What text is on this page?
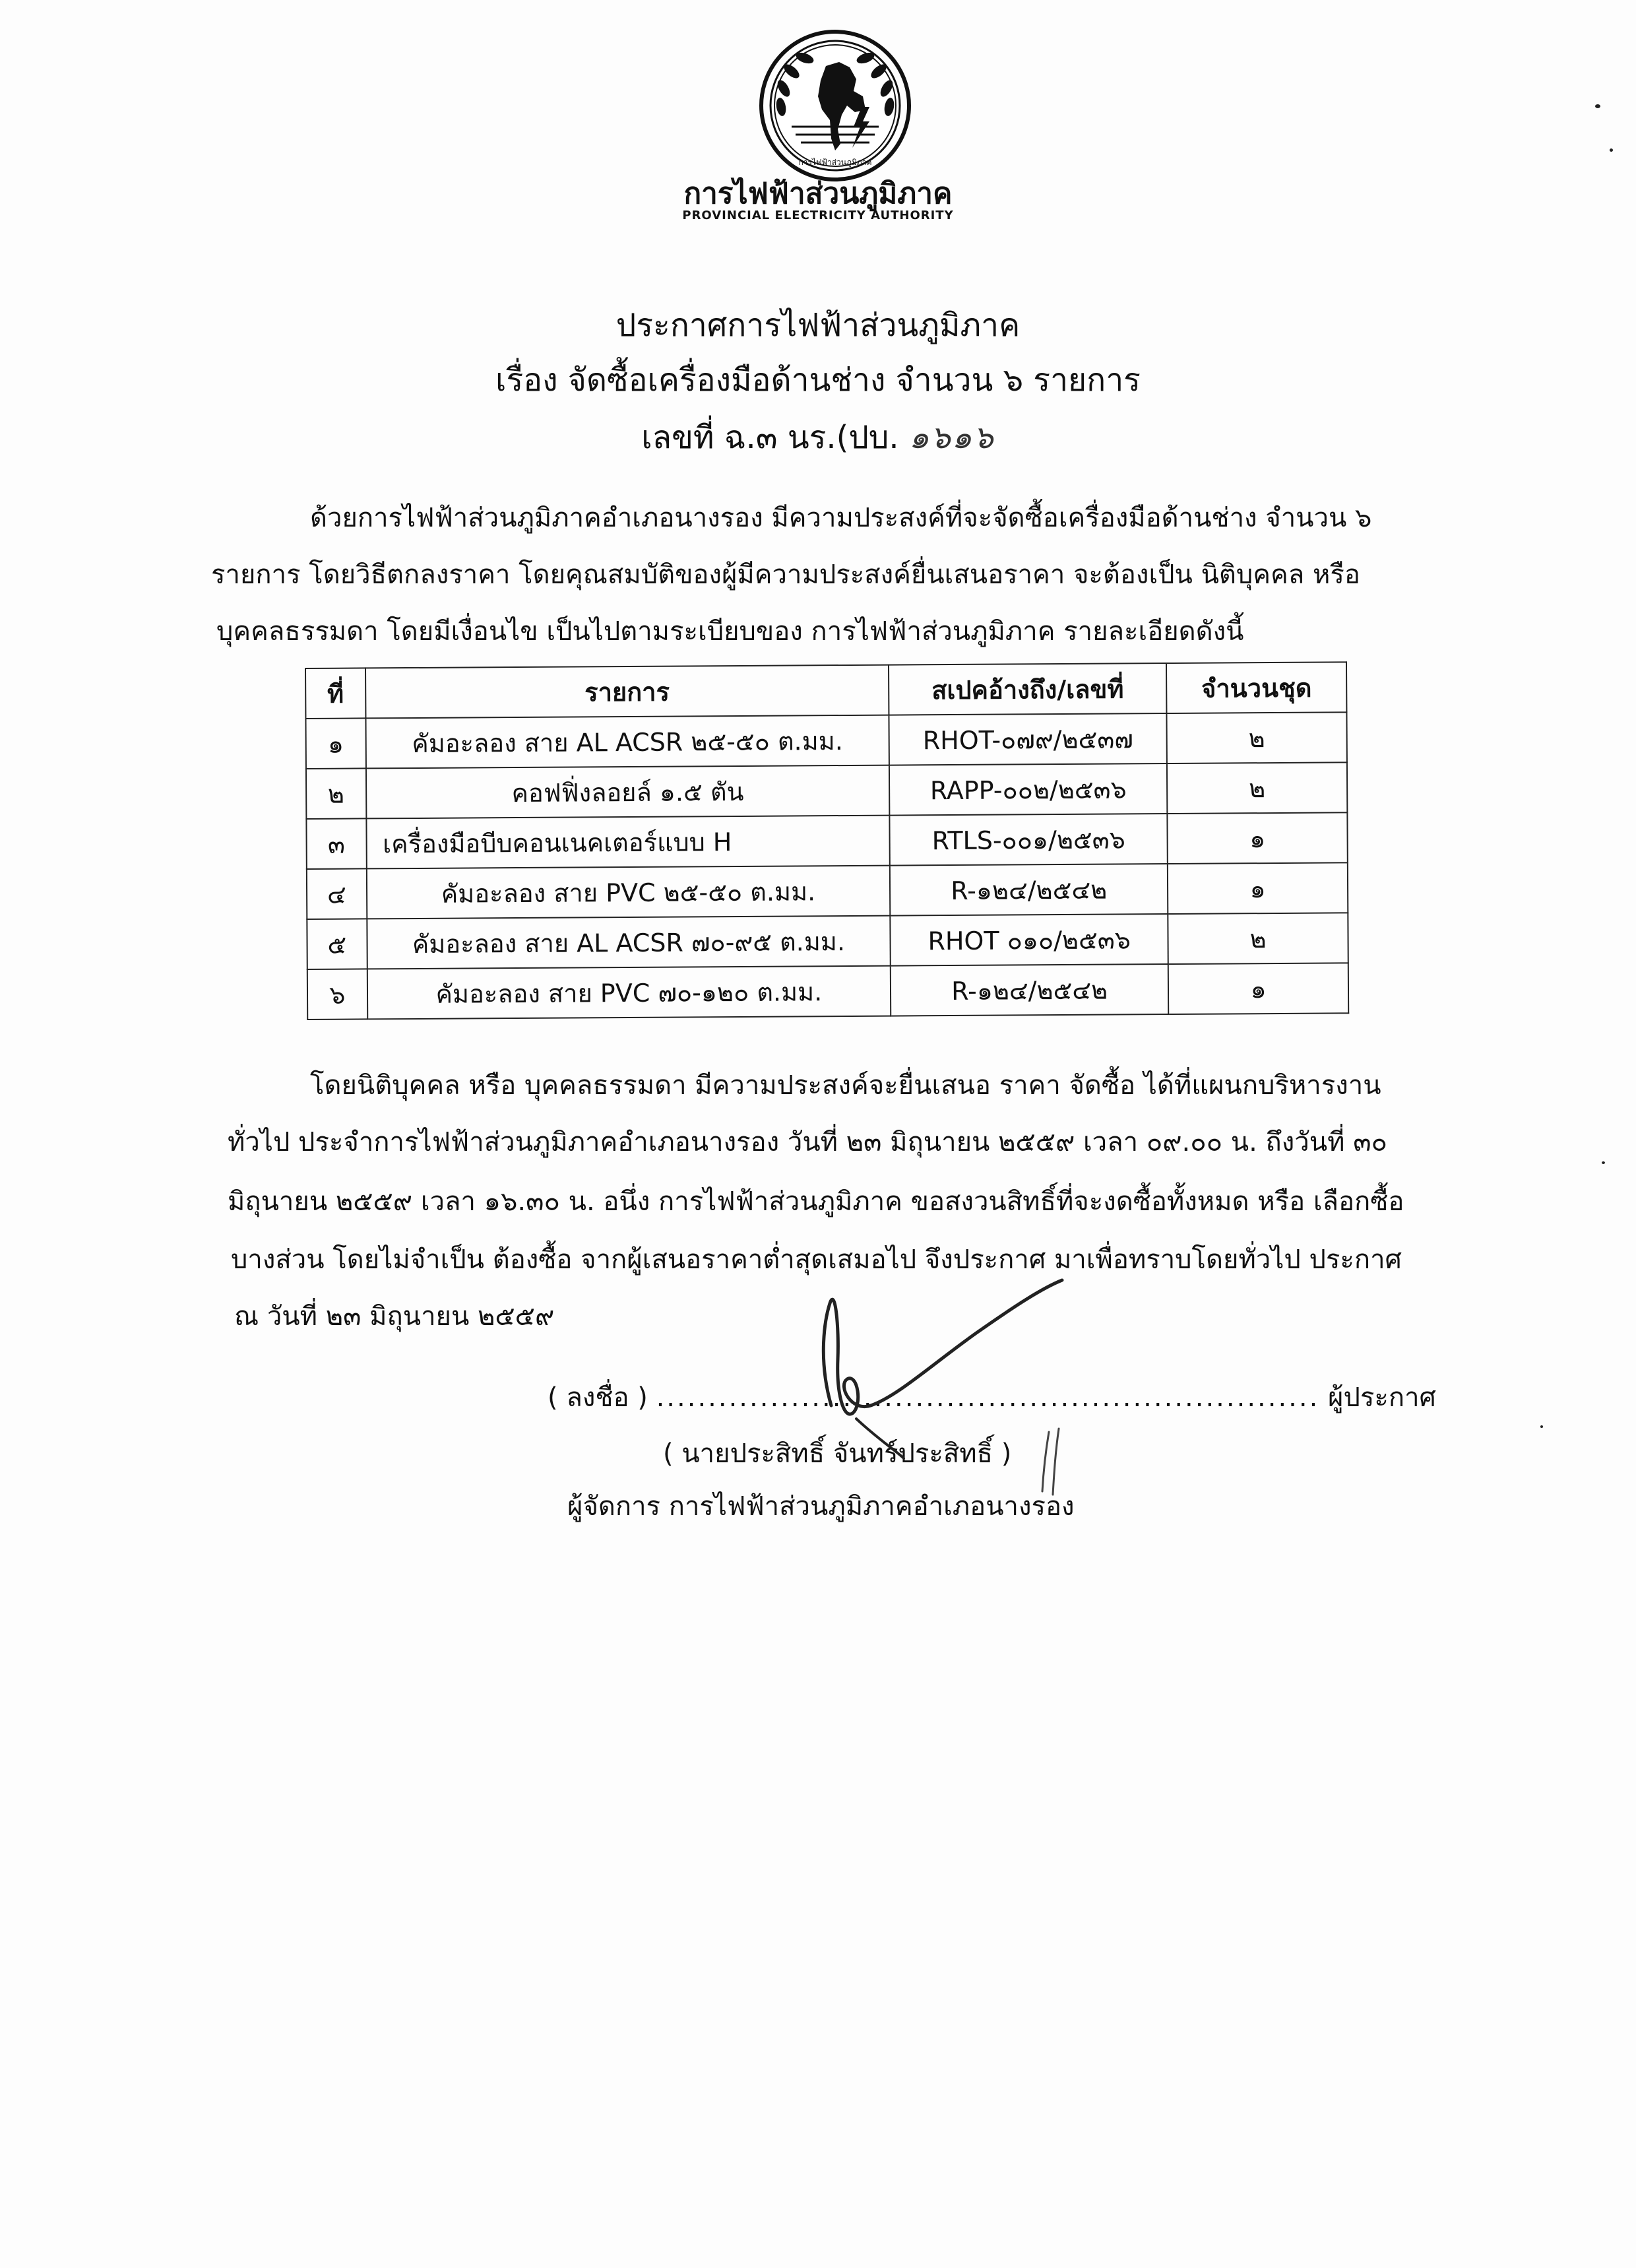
การไฟฟ้าส่วนภูมิภาค
การไฟฟ้าส่วนภูมิภาค
PROVINCIAL ELECTRICITY AUTHORITY
ประกาศการไฟฟ้าส่วนภูมิภาค
เรื่อง จัดซื้อเครื่องมือด้านช่าง จำนวน ๖ รายการ
เลขที่ ฉ.๓ นร.(ปบ. ๑๖๑๖
ด้วยการไฟฟ้าส่วนภูมิภาคอำเภอนางรอง มีความประสงค์ที่จะจัดซื้อเครื่องมือด้านช่าง จำนวน ๖
รายการ โดยวิธีตกลงราคา โดยคุณสมบัติของผู้มีความประสงค์ยื่นเสนอราคา จะต้องเป็น นิติบุคคล หรือ
บุคคลธรรมดา โดยมีเงื่อนไข เป็นไปตามระเบียบของ การไฟฟ้าส่วนภูมิภาค รายละเอียดดังนี้
ที่	รายการ	สเปคอ้างถึง/เลขที่	จำนวนชุด
๑	คัมอะลอง สาย AL ACSR ๒๕-๕๐ ต.มม.	RHOT-๐๗๙/๒๕๓๗	๒
๒	คอฟฟิ่งลอยล์ ๑.๕ ตัน	RAPP-๐๐๒/๒๕๓๖	๒
๓	เครื่องมือบีบคอนเนคเตอร์แบบ H	RTLS-๐๐๑/๒๕๓๖	๑
๔	คัมอะลอง สาย PVC ๒๕-๕๐ ต.มม.	R-๑๒๔/๒๕๔๒	๑
๕	คัมอะลอง สาย AL ACSR ๗๐-๙๕ ต.มม.	RHOT ๐๑๐/๒๕๓๖	๒
๖	คัมอะลอง สาย PVC ๗๐-๑๒๐ ต.มม.	R-๑๒๔/๒๕๔๒	๑
โดยนิติบุคคล หรือ บุคคลธรรมดา มีความประสงค์จะยื่นเสนอ ราคา จัดซื้อ ได้ที่แผนกบริหารงาน
ทั่วไป ประจำการไฟฟ้าส่วนภูมิภาคอำเภอนางรอง วันที่ ๒๓ มิถุนายน ๒๕๕๙ เวลา ๐๙.๐๐ น. ถึงวันที่ ๓๐
มิถุนายน ๒๕๕๙ เวลา ๑๖.๓๐ น. อนึ่ง การไฟฟ้าส่วนภูมิภาค ขอสงวนสิทธิ์ที่จะงดซื้อทั้งหมด หรือ เลือกซื้อ
บางส่วน โดยไม่จำเป็น ต้องซื้อ จากผู้เสนอราคาต่ำสุดเสมอไป จึงประกาศ มาเพื่อทราบโดยทั่วไป ประกาศ
ณ วันที่ ๒๓ มิถุนายน ๒๕๕๙
( ลงชื่อ ) ................................................................ ผู้ประกาศ
( นายประสิทธิ์ จันทร์ประสิทธิ์ )
ผู้จัดการ การไฟฟ้าส่วนภูมิภาคอำเภอนางรอง
